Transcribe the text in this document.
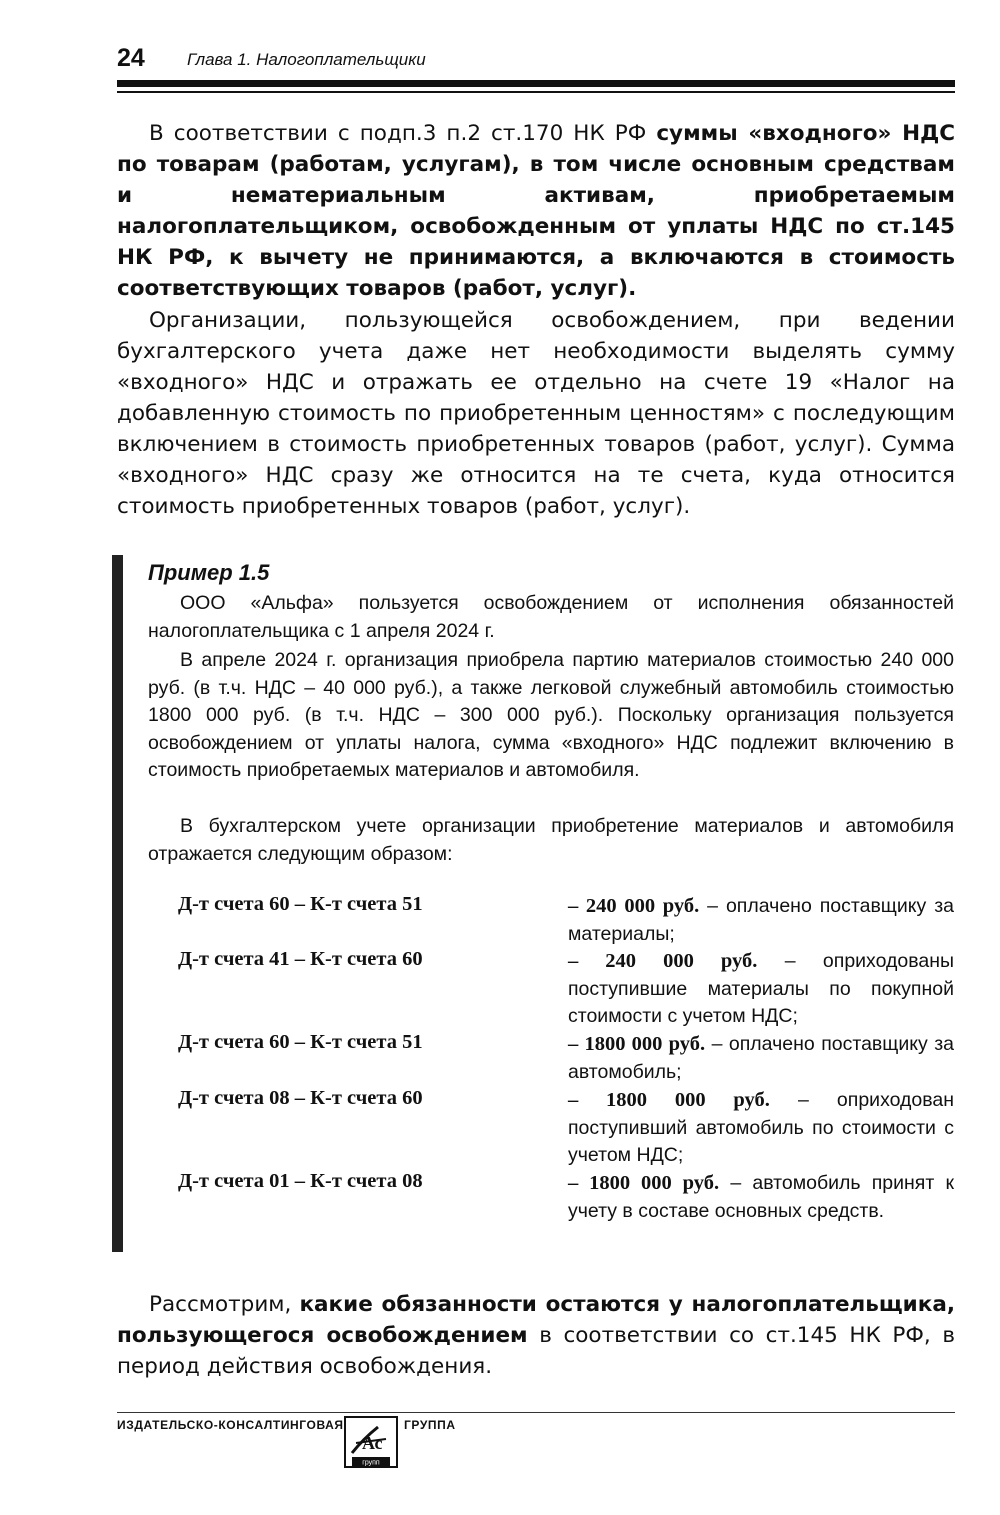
24 Глава 1. Налогоплательщики

В соответствии с подп.3 п.2 ст.170 НК РФ суммы «входного» НДС по товарам (работам, услугам), в том числе основным средствам и нематериальным активам, приобретаемым налогоплательщиком, освобожденным от уплаты НДС по ст.145 НК РФ, к вычету не принимаются, а включаются в стоимость соответствующих товаров (работ, услуг).

Организации, пользующейся освобождением, при ведении бухгалтерского учета даже нет необходимости выделять сумму «входного» НДС и отражать ее отдельно на счете 19 «Налог на добавленную стоимость по приобретенным ценностям» с последующим включением в стоимость приобретенных товаров (работ, услуг). Сумма «входного» НДС сразу же относится на те счета, куда относится стоимость приобретенных товаров (работ, услуг).

Пример 1.5

ООО «Альфа» пользуется освобождением от исполнения обязанностей налогоплательщика с 1 апреля 2024 г.

В апреле 2024 г. организация приобрела партию материалов стоимостью 240 000 руб. (в т.ч. НДС – 40 000 руб.), а также легковой служебный автомобиль стоимостью 1800 000 руб. (в т.ч. НДС – 300 000 руб.). Поскольку организация пользуется освобождением от уплаты налога, сумма «входного» НДС подлежит включению в стоимость приобретаемых материалов и автомобиля.

В бухгалтерском учете организации приобретение материалов и автомобиля отражается следующим образом:

Д-т счета 60 – К-т счета 51	– 240 000 руб. – оплачено поставщику за материалы;

Д-т счета 41 – К-т счета 60	– 240 000 руб. – оприходованы поступившие материалы по покупной стоимости с учетом НДС;

Д-т счета 60 – К-т счета 51	– 1800 000 руб. – оплачено поставщику за автомобиль;

Д-т счета 08 – К-т счета 60	– 1800 000 руб. – оприходован поступивший автомобиль по стоимости с учетом НДС;

Д-т счета 01 – К-т счета 08	– 1800 000 руб. – автомобиль принят к учету в составе основных средств.

Рассмотрим, какие обязанности остаются у налогоплательщика, пользующегося освобождением в соответствии со ст.145 НК РФ, в период действия освобождения.

ИЗДАТЕЛЬСКО-КОНСАЛТИНГОВАЯ	ГРУППА
Ас
групп
